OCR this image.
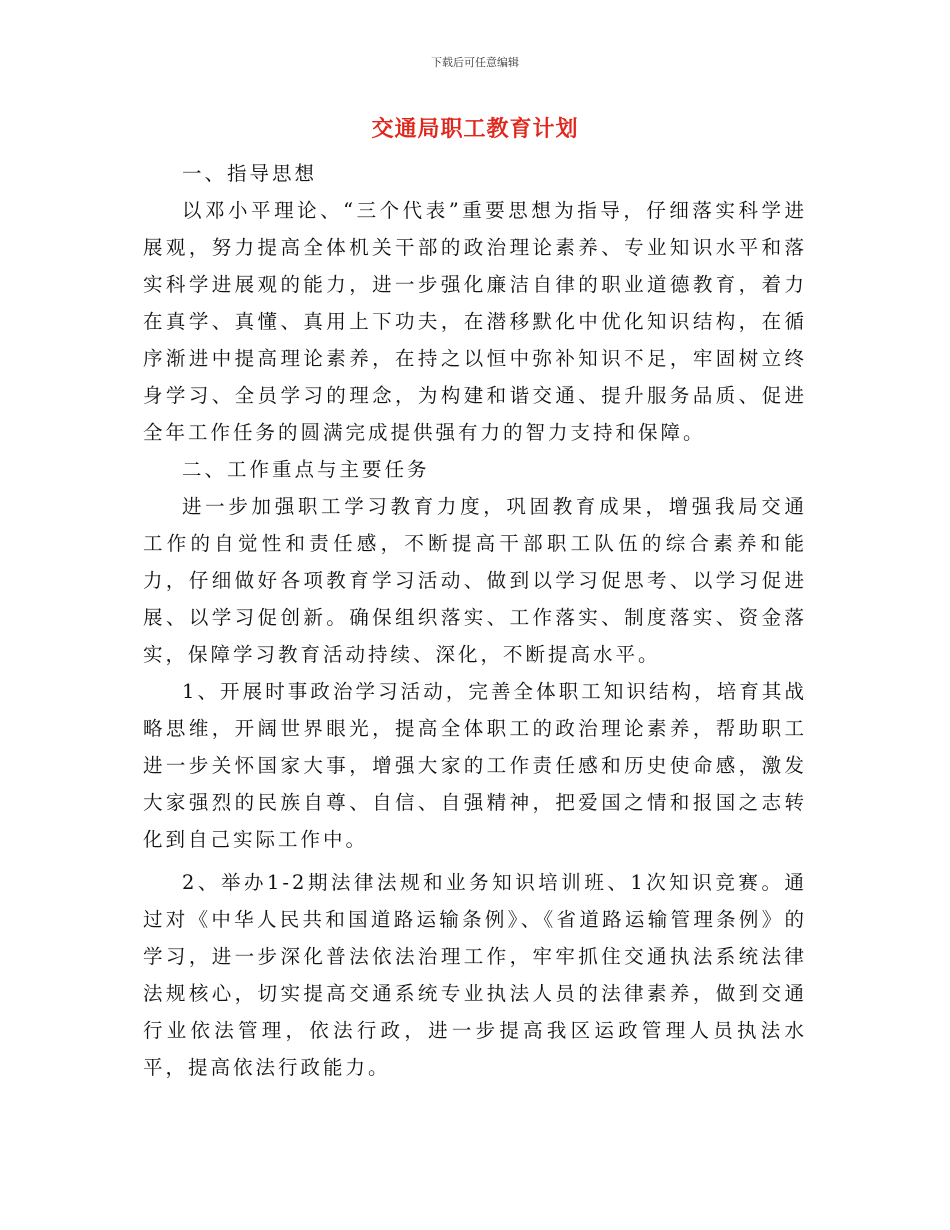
下载后可任意编辑
交通局职工教育计划

一、指导思想

以邓小平理论、“三个代表”重要思想为指导，仔细落实科学进展观，努力提高全体机关干部的政治理论素养、专业知识水平和落实科学进展观的能力，进一步强化廉洁自律的职业道德教育，着力在真学、真懂、真用上下功夫，在潜移默化中优化知识结构，在循序渐进中提高理论素养，在持之以恒中弥补知识不足，牢固树立终身学习、全员学习的理念，为构建和谐交通、提升服务品质、促进全年工作任务的圆满完成提供强有力的智力支持和保障。

二、工作重点与主要任务

进一步加强职工学习教育力度，巩固教育成果，增强我局交通工作的自觉性和责任感，不断提高干部职工队伍的综合素养和能力，仔细做好各项教育学习活动、做到以学习促思考、以学习促进展、以学习促创新。确保组织落实、工作落实、制度落实、资金落实，保障学习教育活动持续、深化，不断提高水平。

1、开展时事政治学习活动，完善全体职工知识结构，培育其战略思维，开阔世界眼光，提高全体职工的政治理论素养，帮助职工进一步关怀国家大事，增强大家的工作责任感和历史使命感，激发大家强烈的民族自尊、自信、自强精神，把爱国之情和报国之志转化到自己实际工作中。

2、举办1-2期法律法规和业务知识培训班、1次知识竞赛。通过对《中华人民共和国道路运输条例》、《省道路运输管理条例》的学习，进一步深化普法依法治理工作，牢牢抓住交通执法系统法律法规核心，切实提高交通系统专业执法人员的法律素养，做到交通行业依法管理，依法行政，进一步提高我区运政管理人员执法水平，提高依法行政能力。
